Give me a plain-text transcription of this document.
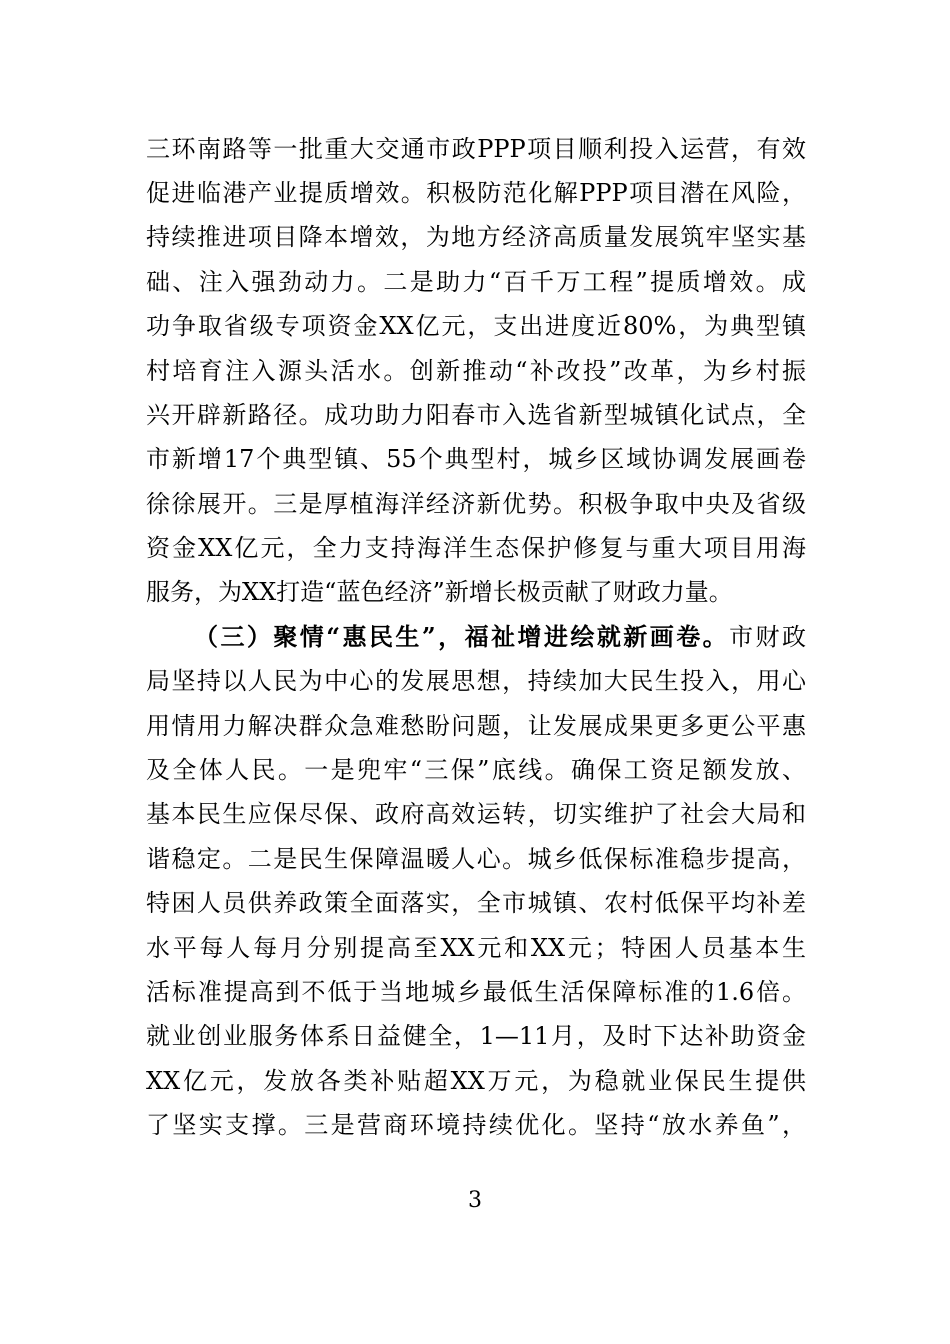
三环南路等一批重大交通市政PPP项目顺利投入运营，有效
促进临港产业提质增效。积极防范化解PPP项目潜在风险，
持续推进项目降本增效，为地方经济高质量发展筑牢坚实基
础、注入强劲动力。二是助力“百千万工程”提质增效。成
功争取省级专项资金XX亿元，支出进度近80%，为典型镇
村培育注入源头活水。创新推动“补改投”改革，为乡村振
兴开辟新路径。成功助力阳春市入选省新型城镇化试点，全
市新增17个典型镇、55个典型村，城乡区域协调发展画卷
徐徐展开。三是厚植海洋经济新优势。积极争取中央及省级
资金XX亿元，全力支持海洋生态保护修复与重大项目用海
服务，为XX打造“蓝色经济”新增长极贡献了财政力量。
（三）聚情“惠民生”，福祉增进绘就新画卷。市财政
局坚持以人民为中心的发展思想，持续加大民生投入，用心
用情用力解决群众急难愁盼问题，让发展成果更多更公平惠
及全体人民。一是兜牢“三保”底线。确保工资足额发放、
基本民生应保尽保、政府高效运转，切实维护了社会大局和
谐稳定。二是民生保障温暖人心。城乡低保标准稳步提高，
特困人员供养政策全面落实，全市城镇、农村低保平均补差
水平每人每月分别提高至XX元和XX元；特困人员基本生
活标准提高到不低于当地城乡最低生活保障标准的1.6倍。
就业创业服务体系日益健全，1—11月，及时下达补助资金
XX亿元，发放各类补贴超XX万元，为稳就业保民生提供
了坚实支撑。三是营商环境持续优化。坚持“放水养鱼”，
3
